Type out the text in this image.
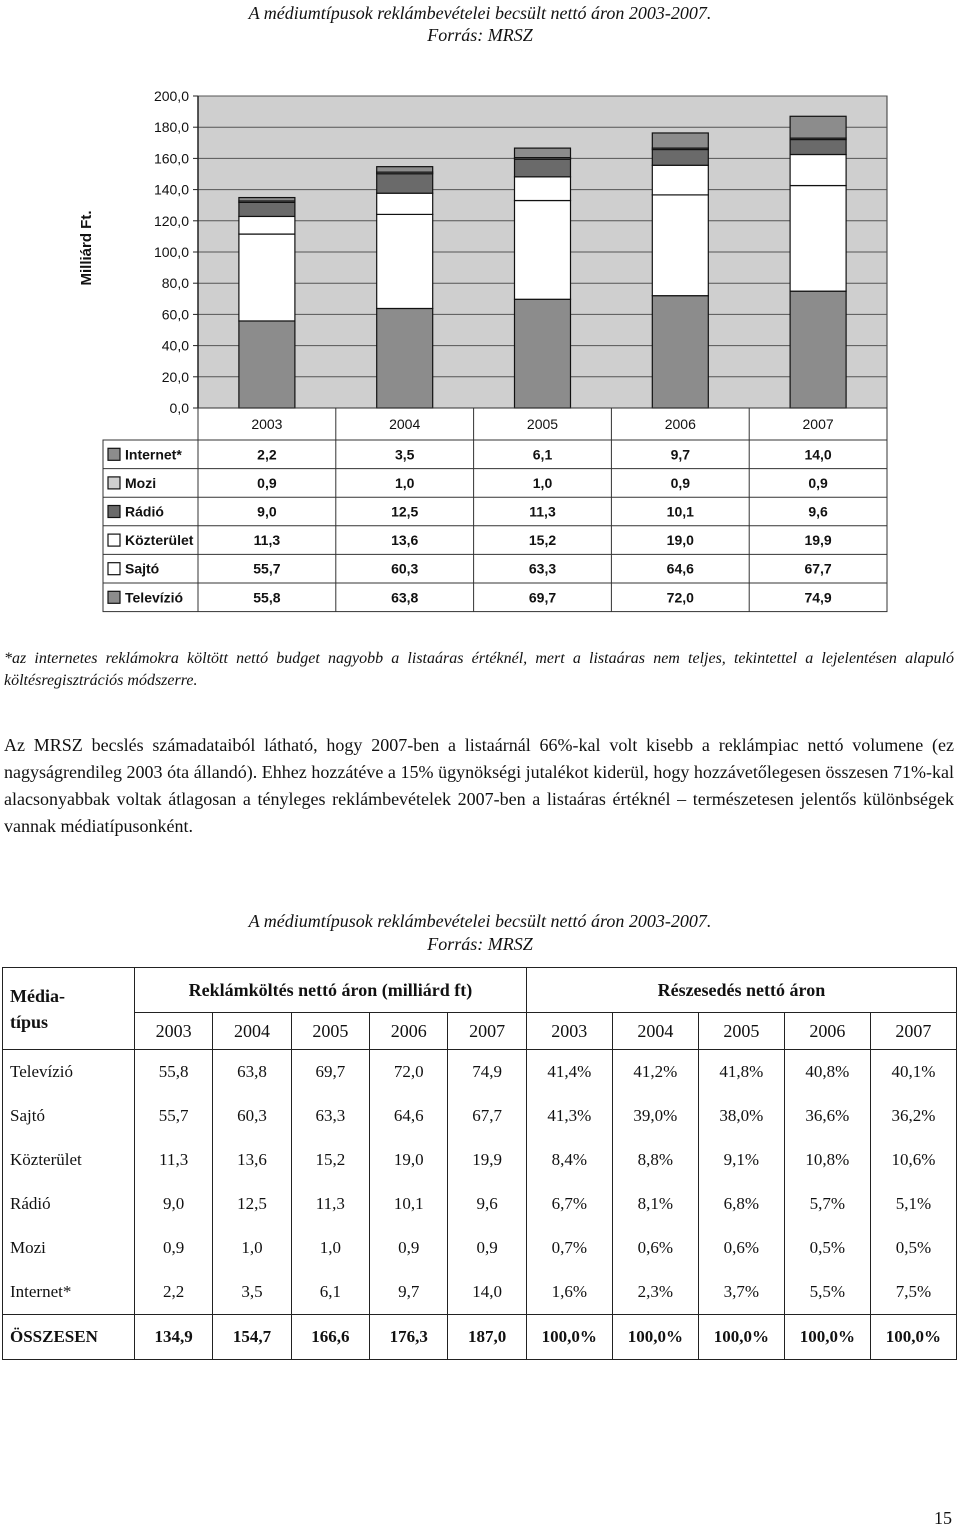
A médiumtípusok reklámbevételei becsült nettó áron 2003-2007.
Forrás: MRSZ
0,0
20,0
40,0
60,0
80,0
100,0
120,0
140,0
160,0
180,0
200,0
Milliárd Ft.
2003	2004	2005	2006	2007
Internet*	2,2	3,5	6,1	9,7	14,0
Mozi	0,9	1,0	1,0	0,9	0,9
Rádió	9,0	12,5	11,3	10,1	9,6
Közterület	11,3	13,6	15,2	19,0	19,9
Sajtó	55,7	60,3	63,3	64,6	67,7
Televízió	55,8	63,8	69,7	72,0	74,9
*az internetes reklámokra költött nettó budget nagyobb a listaáras értéknél, mert a listaáras nem teljes, tekintettel a lejelentésen alapuló költésregisztrációs módszerre.
Az MRSZ becslés számadataiból látható, hogy 2007-ben a listaárnál 66%-kal volt kisebb a reklámpiac nettó volumene (ez nagyságrendileg 2003 óta állandó). Ehhez hozzátéve a 15% ügynökségi jutalékot kiderül, hogy hozzávetőlegesen összesen 71%-kal alacsonyabbak voltak átlagosan a tényleges reklámbevételek 2007-ben a listaáras értéknél – természetesen jelentős különbségek vannak médiatípusonként.
A médiumtípusok reklámbevételei becsült nettó áron 2003-2007.
Forrás: MRSZ
Média-
típus	Reklámköltés nettó áron (milliárd ft)					Részesedés nettó áron				
	2003	2004	2005	2006	2007	2003	2004	2005	2006	2007
Televízió	55,8	63,8	69,7	72,0	74,9	41,4%	41,2%	41,8%	40,8%	40,1%
Sajtó	55,7	60,3	63,3	64,6	67,7	41,3%	39,0%	38,0%	36,6%	36,2%
Közterület	11,3	13,6	15,2	19,0	19,9	8,4%	8,8%	9,1%	10,8%	10,6%
Rádió	9,0	12,5	11,3	10,1	9,6	6,7%	8,1%	6,8%	5,7%	5,1%
Mozi	0,9	1,0	1,0	0,9	0,9	0,7%	0,6%	0,6%	0,5%	0,5%
Internet*	2,2	3,5	6,1	9,7	14,0	1,6%	2,3%	3,7%	5,5%	7,5%
ÖSSZESEN	134,9	154,7	166,6	176,3	187,0	100,0%	100,0%	100,0%	100,0%	100,0%
15
